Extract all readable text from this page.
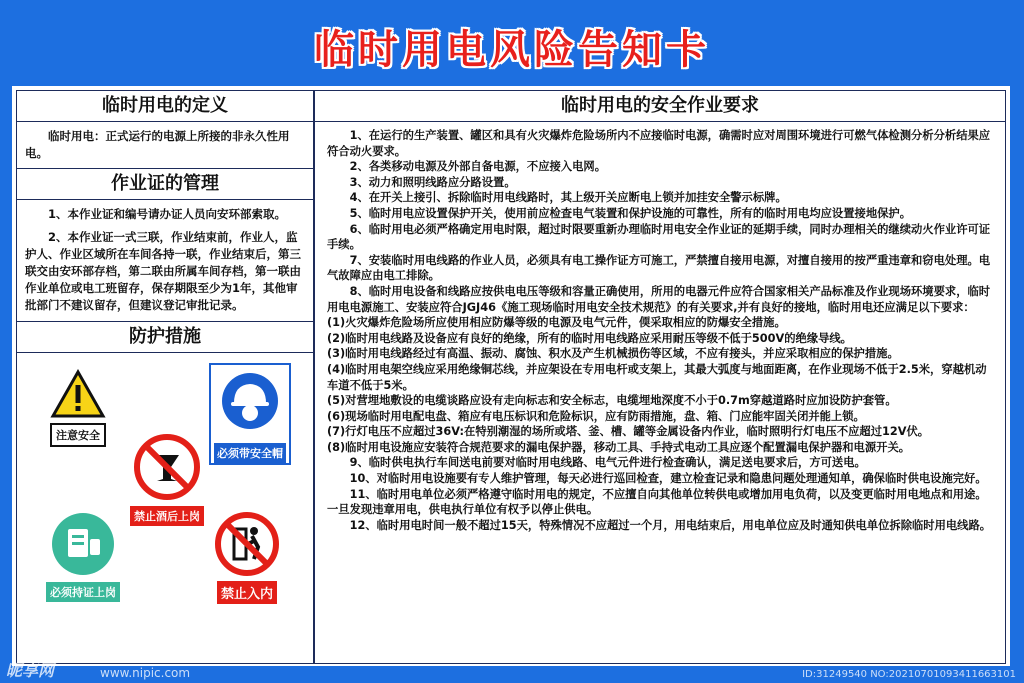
临时用电风险告知卡
临时用电的定义

临时用电：正式运行的电源上所接的非永久性用电。

作业证的管理

1、本作业证和编号请办证人员向安环部索取。

2、本作业证一式三联，作业结束前，作业人，监护人、作业区域所在车间各持一联，作业结束后，第三联交由安环部存档，第二联由所属车间存档，第一联由作业单位或电工班留存，保存期限至少为1年，其他审批部门不建议留存，但建议登记审批记录。

防护措施
注意安全
必须带安全帽
禁止酒后上岗
必须持证上岗	禁止入内
临时用电的安全作业要求

1、在运行的生产装置、罐区和具有火灾爆炸危险场所内不应接临时电源，确需时应对周围环境进行可燃气体检测分析分析结果应符合动火要求。

2、各类移动电源及外部自备电源，不应接入电网。

3、动力和照明线路应分路设置。

4、在开关上接引、拆除临时用电线路时，其上级开关应断电上锁并加挂安全警示标牌。

5、临时用电应设置保护开关，使用前应检查电气装置和保护设施的可靠性，所有的临时用电均应设置接地保护。

6、临时用电必须严格确定用电时限，超过时限要重新办理临时用电安全作业证的延期手续，同时办理相关的继续动火作业许可证手续。

7、安装临时用电线路的作业人员，必须具有电工操作证方可施工，严禁擅自接用电源，对擅自接用的按严重违章和窃电处理。电气故障应由电工排除。

8、临时用电设备和线路应按供电电压等级和容量正确使用，所用的电器元件应符合国家相关产品标准及作业现场环境要求，临时用电电源施工、安装应符合JGJ46《施工现场临时用电安全技术规范》的有关要求,并有良好的接地，临时用电还应满足以下要求：

(1)火灾爆炸危险场所应使用相应防爆等级的电源及电气元件，偄采取相应的防爆安全措施。

(2)临时用电线路及设备应有良好的绝缘，所有的临时用电线路应采用耐压等级不低于500V的绝缘导线。

(3)临时用电线路经过有高温、振动、腐蚀、积水及产生机械损伤等区域，不应有接头，并应采取相应的保护措施。

(4)临时用电架空线应采用绝缘铜芯线，并应架设在专用电杆或支架上，其最大弧度与地面距离，在作业现场不低于2.5米，穿越机动车道不低于5米。

(5)对营埋地敷设的电缆谈路应设有走向标志和安全标志，电缆埋地深度不小于0.7m穿越道路时应加设防护套管。

(6)现场临时用电配电盘、箱应有电压标识和危险标识，应有防雨措施，盘、箱、门应能牢固关闭并能上锁。

(7)行灯电压不应超过36V:在特别潮湿的场所或塔、釜、槽、罐等金属设备内作业，临时照明行灯电压不应超过12V伏。

(8)临时用电设施应安装符合规范要求的漏电保护器，移动工具、手持式电动工具应逐个配置漏电保护器和电源开关。

9、临时供电执行车间送电前要对临时用电线路、电气元件进行检查确认，满足送电要求后，方可送电。

10、对临时用电设施要有专人维护管理，每天必进行巡回检查，建立检查记录和隐患问题处理通知单，确保临时供电设施完好。

11、临时用电单位必须严格遵守临时用电的规定，不应擅自向其他单位转供电或增加用电负荷，以及变更临时用电地点和用途。一旦发现违章用电，供电执行单位有权予以停止供电。

12、临时用电时间一般不超过15天，特殊情况不应超过一个月，用电结束后，用电单位应及时通知供电单位拆除临时用电线路。

昵享网	www.nipic.com	ID:31249540 NO:20210701093411663101
